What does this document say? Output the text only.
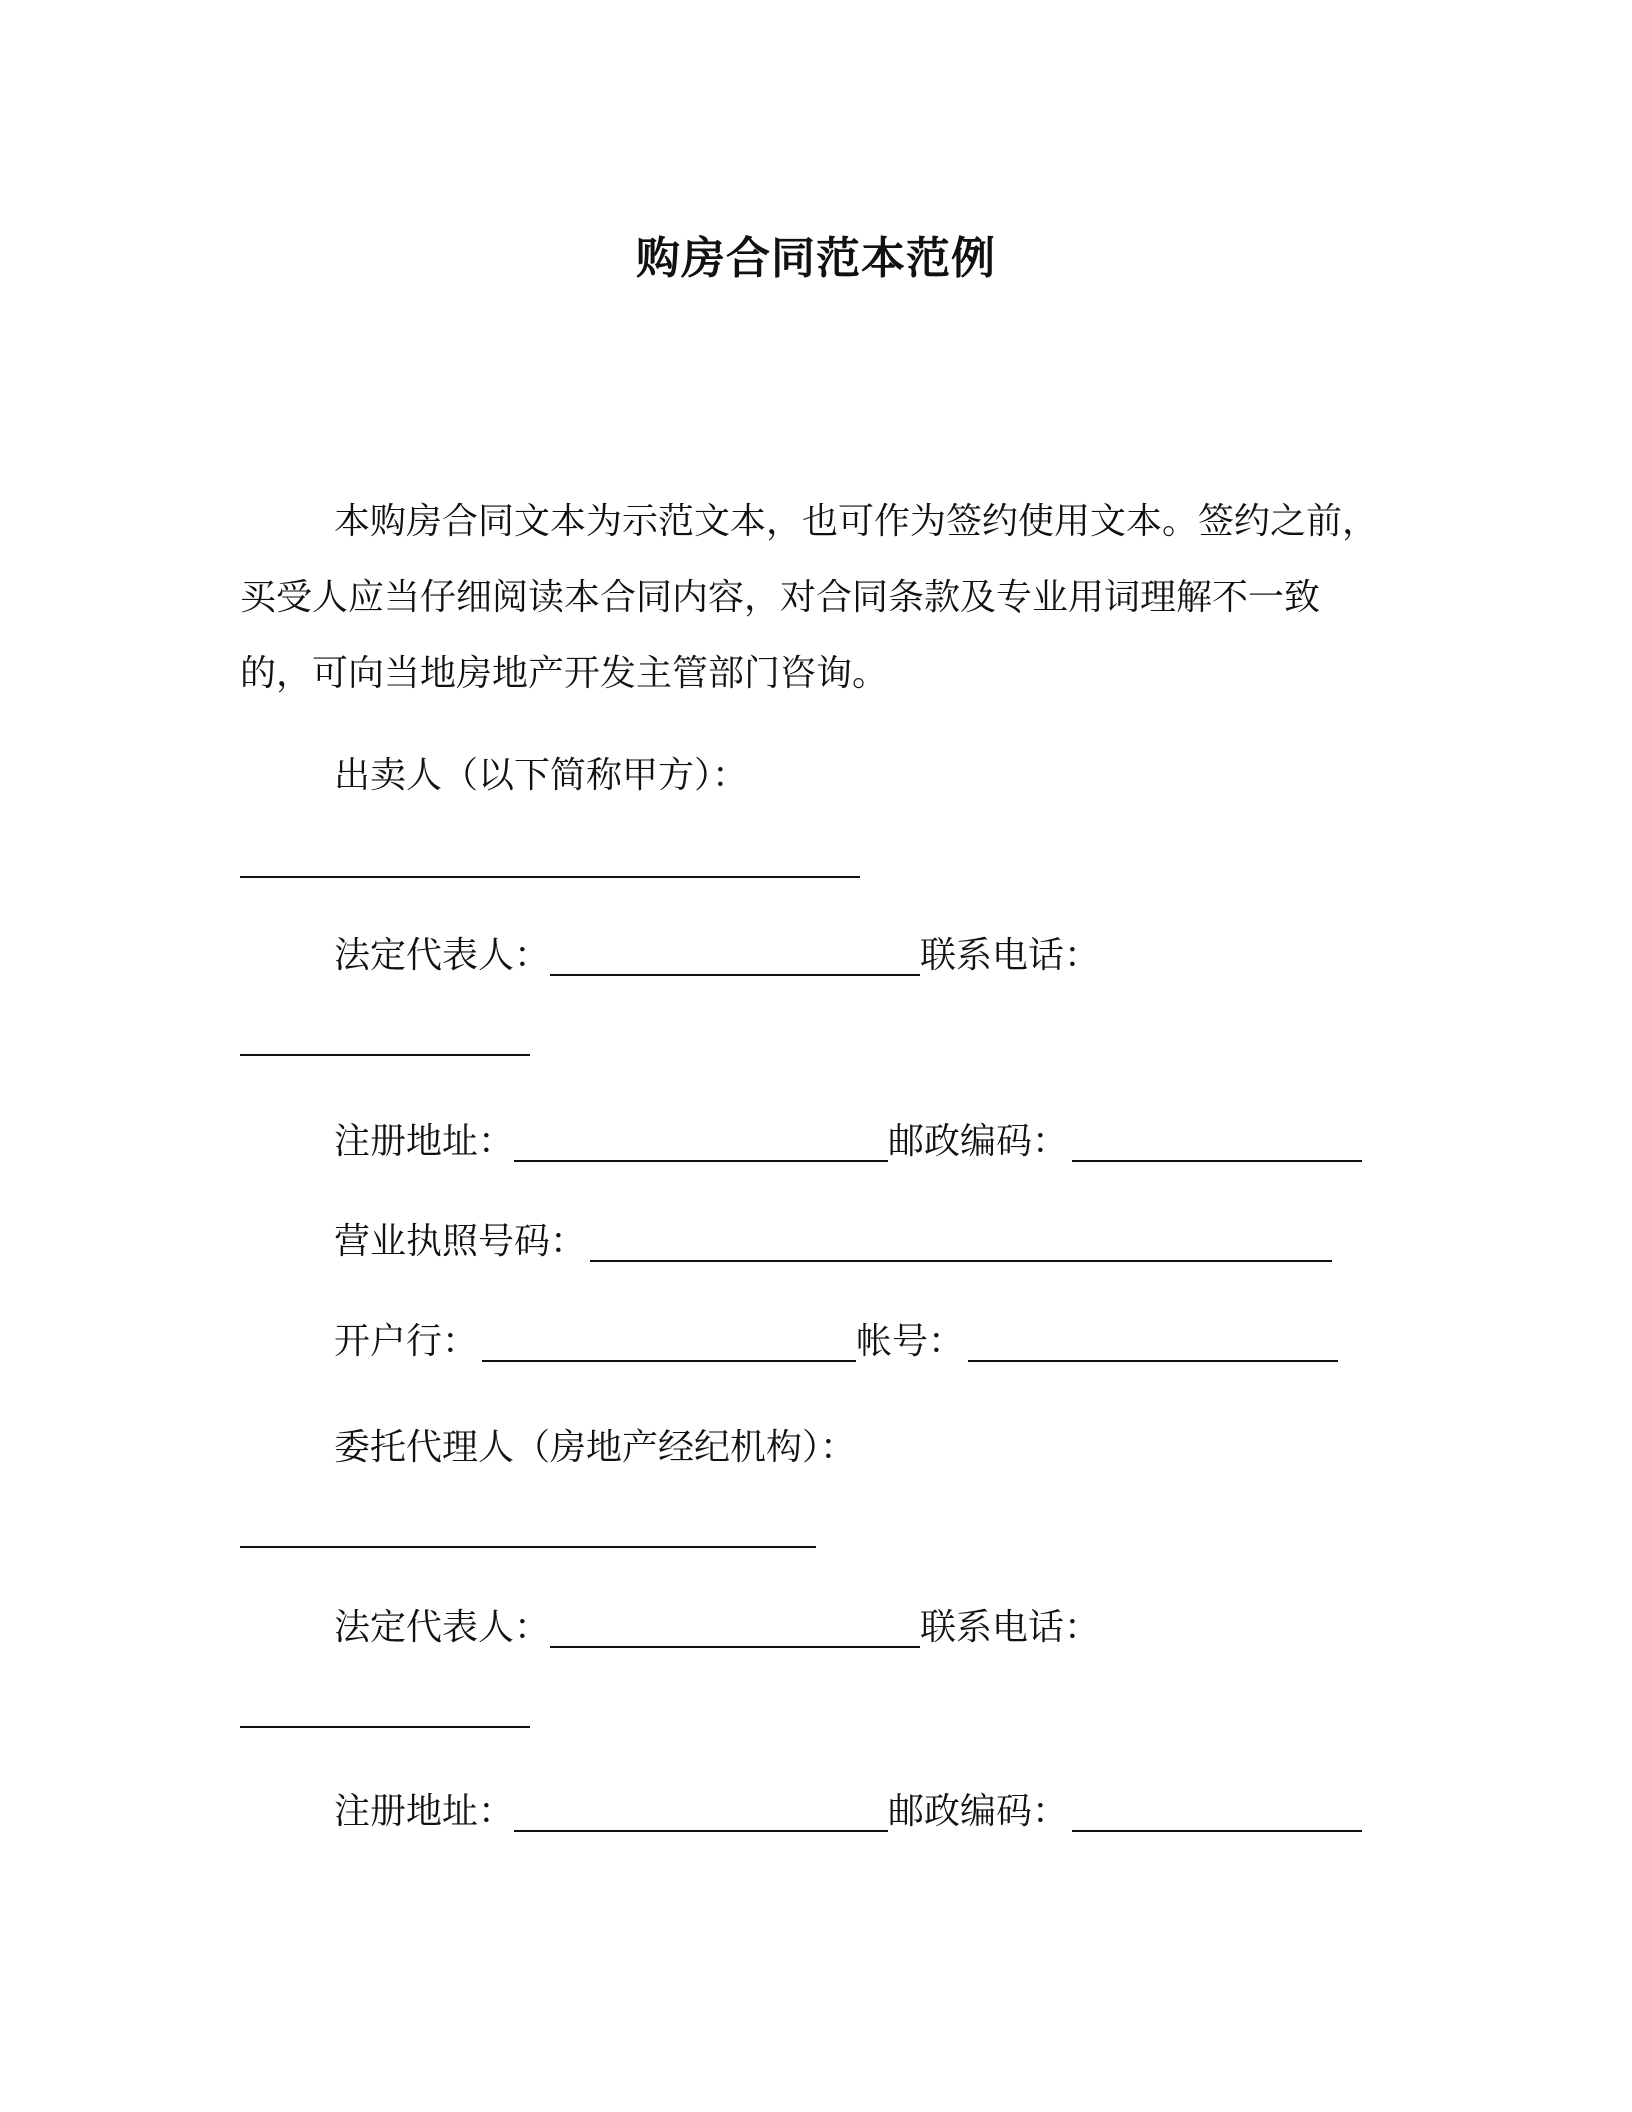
购房合同范本范例
本购房合同文本为示范文本，也可作为签约使用文本。签约之前，
买受人应当仔细阅读本合同内容，对合同条款及专业用词理解不一致
的，可向当地房地产开发主管部门咨询。
出卖人（以下简称甲方）：
法定代表人：	联系电话：
注册地址：	邮政编码：
营业执照号码：
开户行：	帐号：
委托代理人（房地产经纪机构）：
法定代表人：	联系电话：
注册地址：	邮政编码：
